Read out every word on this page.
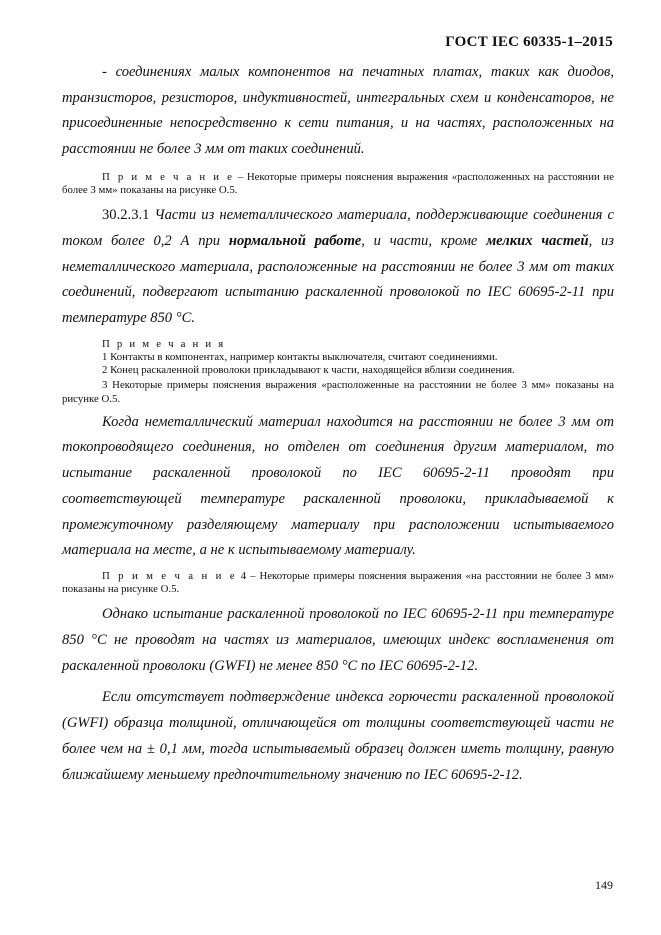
ГОСТ IEC 60335-1–2015

- соединениях малых компонентов на печатных платах, таких как диодов, транзисторов, резисторов, индуктивностей, интегральных схем и конденсаторов, не присоединенные непосредственно к сети питания, и на частях, расположенных на расстоянии не более 3 мм от таких соединений.

П р и м е ч а н и е – Некоторые примеры пояснения выражения «расположенных на расстоянии не более 3 мм» показаны на рисунке О.5.

30.2.3.1 Части из неметаллического материала, поддерживающие соединения с током более 0,2 А при нормальной работе, и части, кроме мелких частей, из неметаллического материала, расположенные на расстоянии не более 3 мм от таких соединений, подвергают испытанию раскаленной проволокой по IEC 60695-2-11 при температуре 850 °С.

П р и м е ч а н и я

1 Контакты в компонентах, например контакты выключателя, считают соединениями.

2 Конец раскаленной проволоки прикладывают к части, находящейся вблизи соединения.

3 Некоторые примеры пояснения выражения «расположенные на расстоянии не более 3 мм» показаны на рисунке О.5.

Когда неметаллический материал находится на расстоянии не более 3 мм от токопроводящего соединения, но отделен от соединения другим материалом, то испытание раскаленной проволокой по IEC 60695-2-11 проводят при соответствующей температуре раскаленной проволоки, прикладываемой к промежуточному разделяющему материалу при расположении испытываемого материала на месте, а не к испытываемому материалу.

П р и м е ч а н и е 4 – Некоторые примеры пояснения выражения «на расстоянии не более 3 мм» показаны на рисунке О.5.

Однако испытание раскаленной проволокой по IEC 60695-2-11 при температуре 850 °С не проводят на частях из материалов, имеющих индекс воспламенения от раскаленной проволоки (GWFI) не менее 850 °С по IEC 60695-2-12.

Если отсутствует подтверждение индекса горючести раскаленной проволокой (GWFI) образца толщиной, отличающейся от толщины соответствующей части не более чем на ± 0,1 мм, тогда испытываемый образец должен иметь толщину, равную ближайшему меньшему предпочтительному значению по IEC 60695-2-12.

149
